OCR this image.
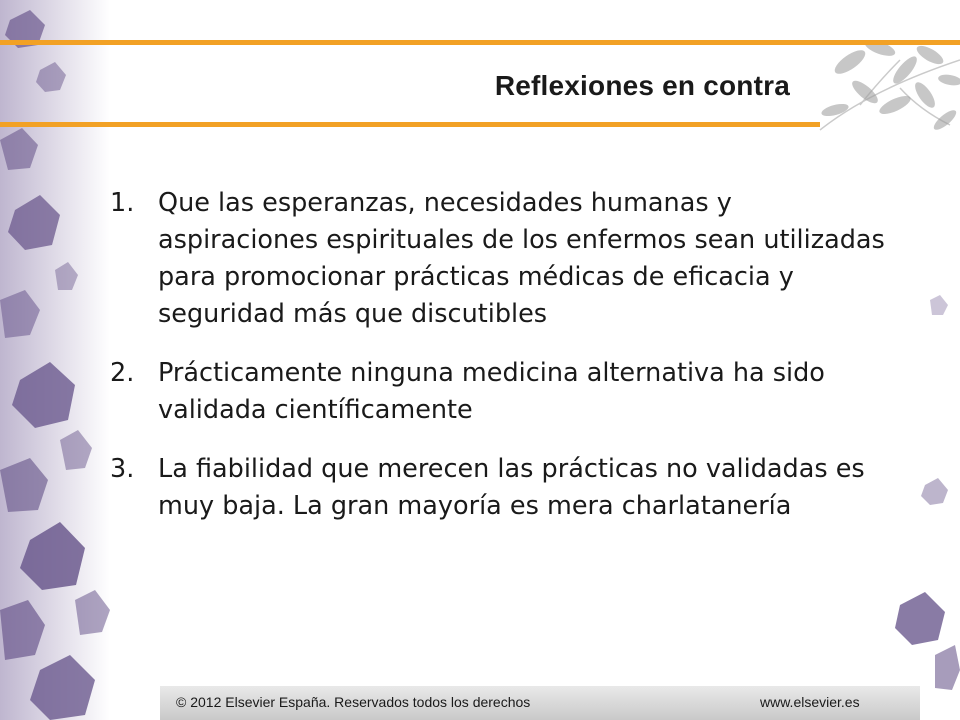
Reflexiones en contra
1. Que las esperanzas, necesidades humanas y aspiraciones espirituales de los enfermos sean utilizadas para promocionar prácticas médicas de eficacia y seguridad más que discutibles
2. Prácticamente ninguna medicina alternativa ha sido validada científicamente
3. La fiabilidad que merecen las prácticas no validadas es muy baja. La gran mayoría es mera charlatanería
© 2012 Elsevier España. Reservados todos los derechos	www.elsevier.es
